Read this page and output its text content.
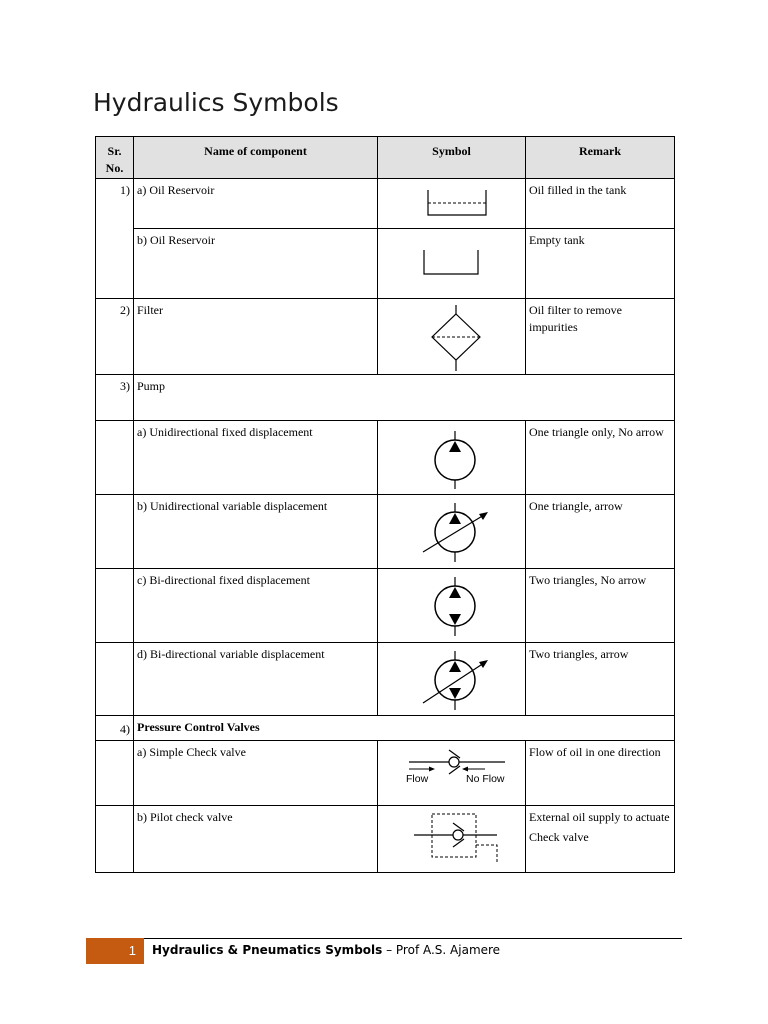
Hydraulics Symbols
Sr. No.	Name of component	Symbol	Remark
1)	a) Oil Reservoir		Oil filled in the tank
	b) Oil Reservoir		Empty tank
2)	Filter		Oil filter to remove impurities
3)	Pump		
	a) Unidirectional fixed displacement		One triangle only, No arrow
	b) Unidirectional variable displacement		One triangle, arrow
	c) Bi-directional fixed displacement		Two triangles, No arrow
	d) Bi-directional variable displacement		Two triangles, arrow
4)	Pressure Control Valves		
	a) Simple Check valve	Flow No Flow	Flow of oil in one direction
	b) Pilot check valve		External oil supply to actuate
Check valve
1	Hydraulics & Pneumatics Symbols – Prof A.S. Ajamere
